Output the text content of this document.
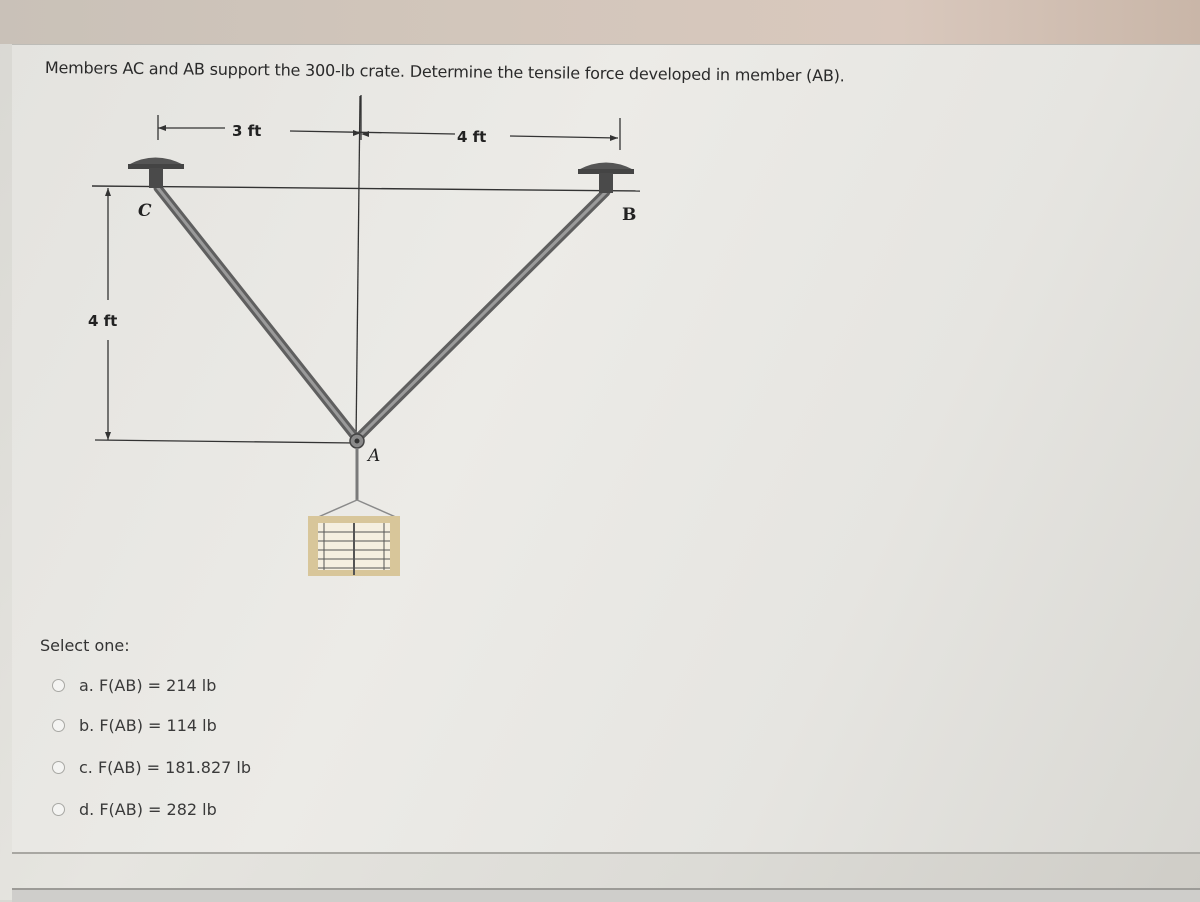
Members AC and AB support the 300-lb crate. Determine the tensile force developed in member (AB).

3 ft	4 ft
4 ft
C	B
A
Select one:
a. F(AB) = 214 lb
b. F(AB) = 114 lb
c. F(AB) = 181.827 lb
d. F(AB) = 282 lb
